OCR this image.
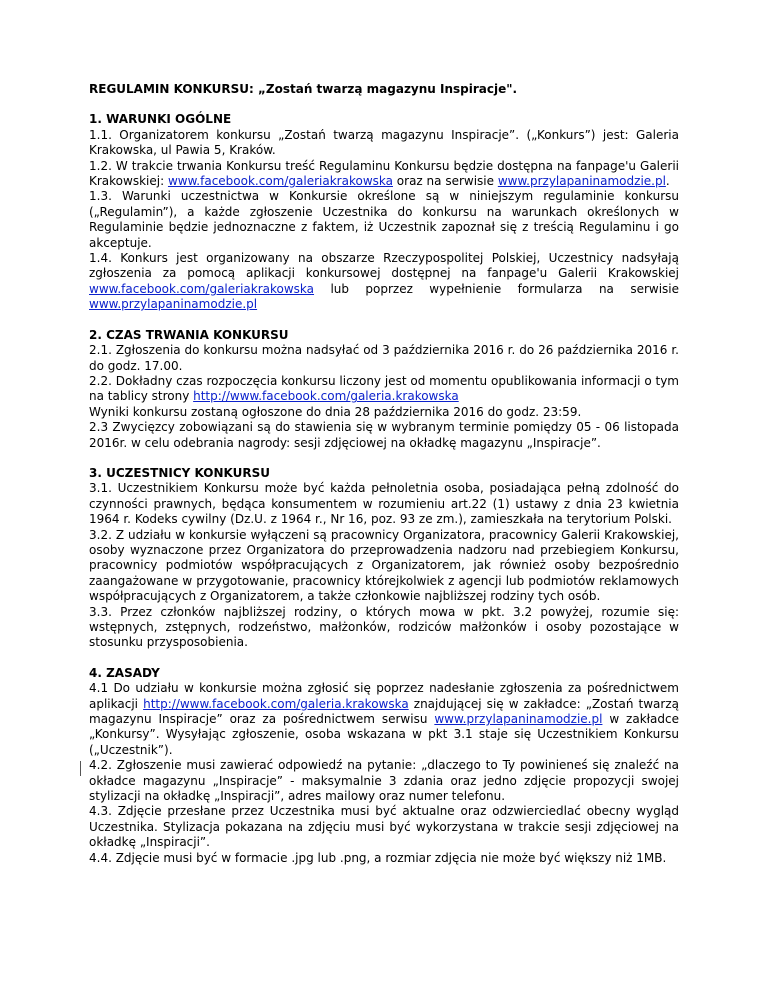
REGULAMIN KONKURSU: „Zostań twarzą magazynu Inspiracje".

1. WARUNKI OGÓLNE

1.1. Organizatorem konkursu „Zostań twarzą magazynu Inspiracje”. („Konkurs”) jest: Galeria Krakowska, ul Pawia 5, Kraków.

1.2. W trakcie trwania Konkursu treść Regulaminu Konkursu będzie dostępna na fanpage'u Galerii Krakowskiej: www.facebook.com/galeriakrakowska oraz na serwisie www.przylapaninamodzie.pl.

1.3. Warunki uczestnictwa w Konkursie określone są w niniejszym regulaminie konkursu („Regulamin”), a każde zgłoszenie Uczestnika do konkursu na warunkach określonych w Regulaminie będzie jednoznaczne z faktem, iż Uczestnik zapoznał się z treścią Regulaminu i go akceptuje.

1.4. Konkurs jest organizowany na obszarze Rzeczypospolitej Polskiej, Uczestnicy nadsyłają zgłoszenia za pomocą aplikacji konkursowej dostępnej na fanpage'u Galerii Krakowskiej www.facebook.com/galeriakrakowska lub poprzez wypełnienie formularza na serwisie www.przylapaninamodzie.pl

2. CZAS TRWANIA KONKURSU

2.1. Zgłoszenia do konkursu można nadsyłać od 3 października 2016 r. do 26 października 2016 r. do godz. 17.00.

2.2. Dokładny czas rozpoczęcia konkursu liczony jest od momentu opublikowania informacji o tym na tablicy strony http://www.facebook.com/galeria.krakowska

Wyniki konkursu zostaną ogłoszone do dnia 28 października 2016 do godz. 23:59.

2.3 Zwycięzcy zobowiązani są do stawienia się w wybranym terminie pomiędzy 05 - 06 listopada 2016r. w celu odebrania nagrody: sesji zdjęciowej na okładkę magazynu „Inspiracje”.

3. UCZESTNICY KONKURSU

3.1. Uczestnikiem Konkursu może być każda pełnoletnia osoba, posiadająca pełną zdolność do czynności prawnych, będąca konsumentem w rozumieniu art.22 (1) ustawy z dnia 23 kwietnia 1964 r. Kodeks cywilny (Dz.U. z 1964 r., Nr 16, poz. 93 ze zm.), zamieszkała na terytorium Polski.

3.2. Z udziału w konkursie wyłączeni są pracownicy Organizatora, pracownicy Galerii Krakowskiej, osoby wyznaczone przez Organizatora do przeprowadzenia nadzoru nad przebiegiem Konkursu, pracownicy podmiotów współpracujących z Organizatorem, jak również osoby bezpośrednio zaangażowane w przygotowanie, pracownicy którejkolwiek z agencji lub podmiotów reklamowych współpracujących z Organizatorem, a także członkowie najbliższej rodziny tych osób.

3.3. Przez członków najbliższej rodziny, o których mowa w pkt. 3.2 powyżej, rozumie się: wstępnych, zstępnych, rodzeństwo, małżonków, rodziców małżonków i osoby pozostające w stosunku przysposobienia.

4. ZASADY

4.1 Do udziału w konkursie można zgłosić się poprzez nadesłanie zgłoszenia za pośrednictwem aplikacji http://www.facebook.com/galeria.krakowska znajdującej się w zakładce: „Zostań twarzą magazynu Inspiracje” oraz za pośrednictwem serwisu www.przylapaninamodzie.pl w zakładce „Konkursy”. Wysyłając zgłoszenie, osoba wskazana w pkt 3.1 staje się Uczestnikiem Konkursu („Uczestnik”).

4.2. Zgłoszenie musi zawierać odpowiedź na pytanie: „dlaczego to Ty powinieneś się znaleźć na okładce magazynu „Inspiracje” - maksymalnie 3 zdania oraz jedno zdjęcie propozycji swojej stylizacji na okładkę „Inspiracji”, adres mailowy oraz numer telefonu.

4.3. Zdjęcie przesłane przez Uczestnika musi być aktualne oraz odzwierciedlać obecny wygląd Uczestnika. Stylizacja pokazana na zdjęciu musi być wykorzystana w trakcie sesji zdjęciowej na okładkę „Inspiracji”.

4.4. Zdjęcie musi być w formacie .jpg lub .png, a rozmiar zdjęcia nie może być większy niż 1MB.
